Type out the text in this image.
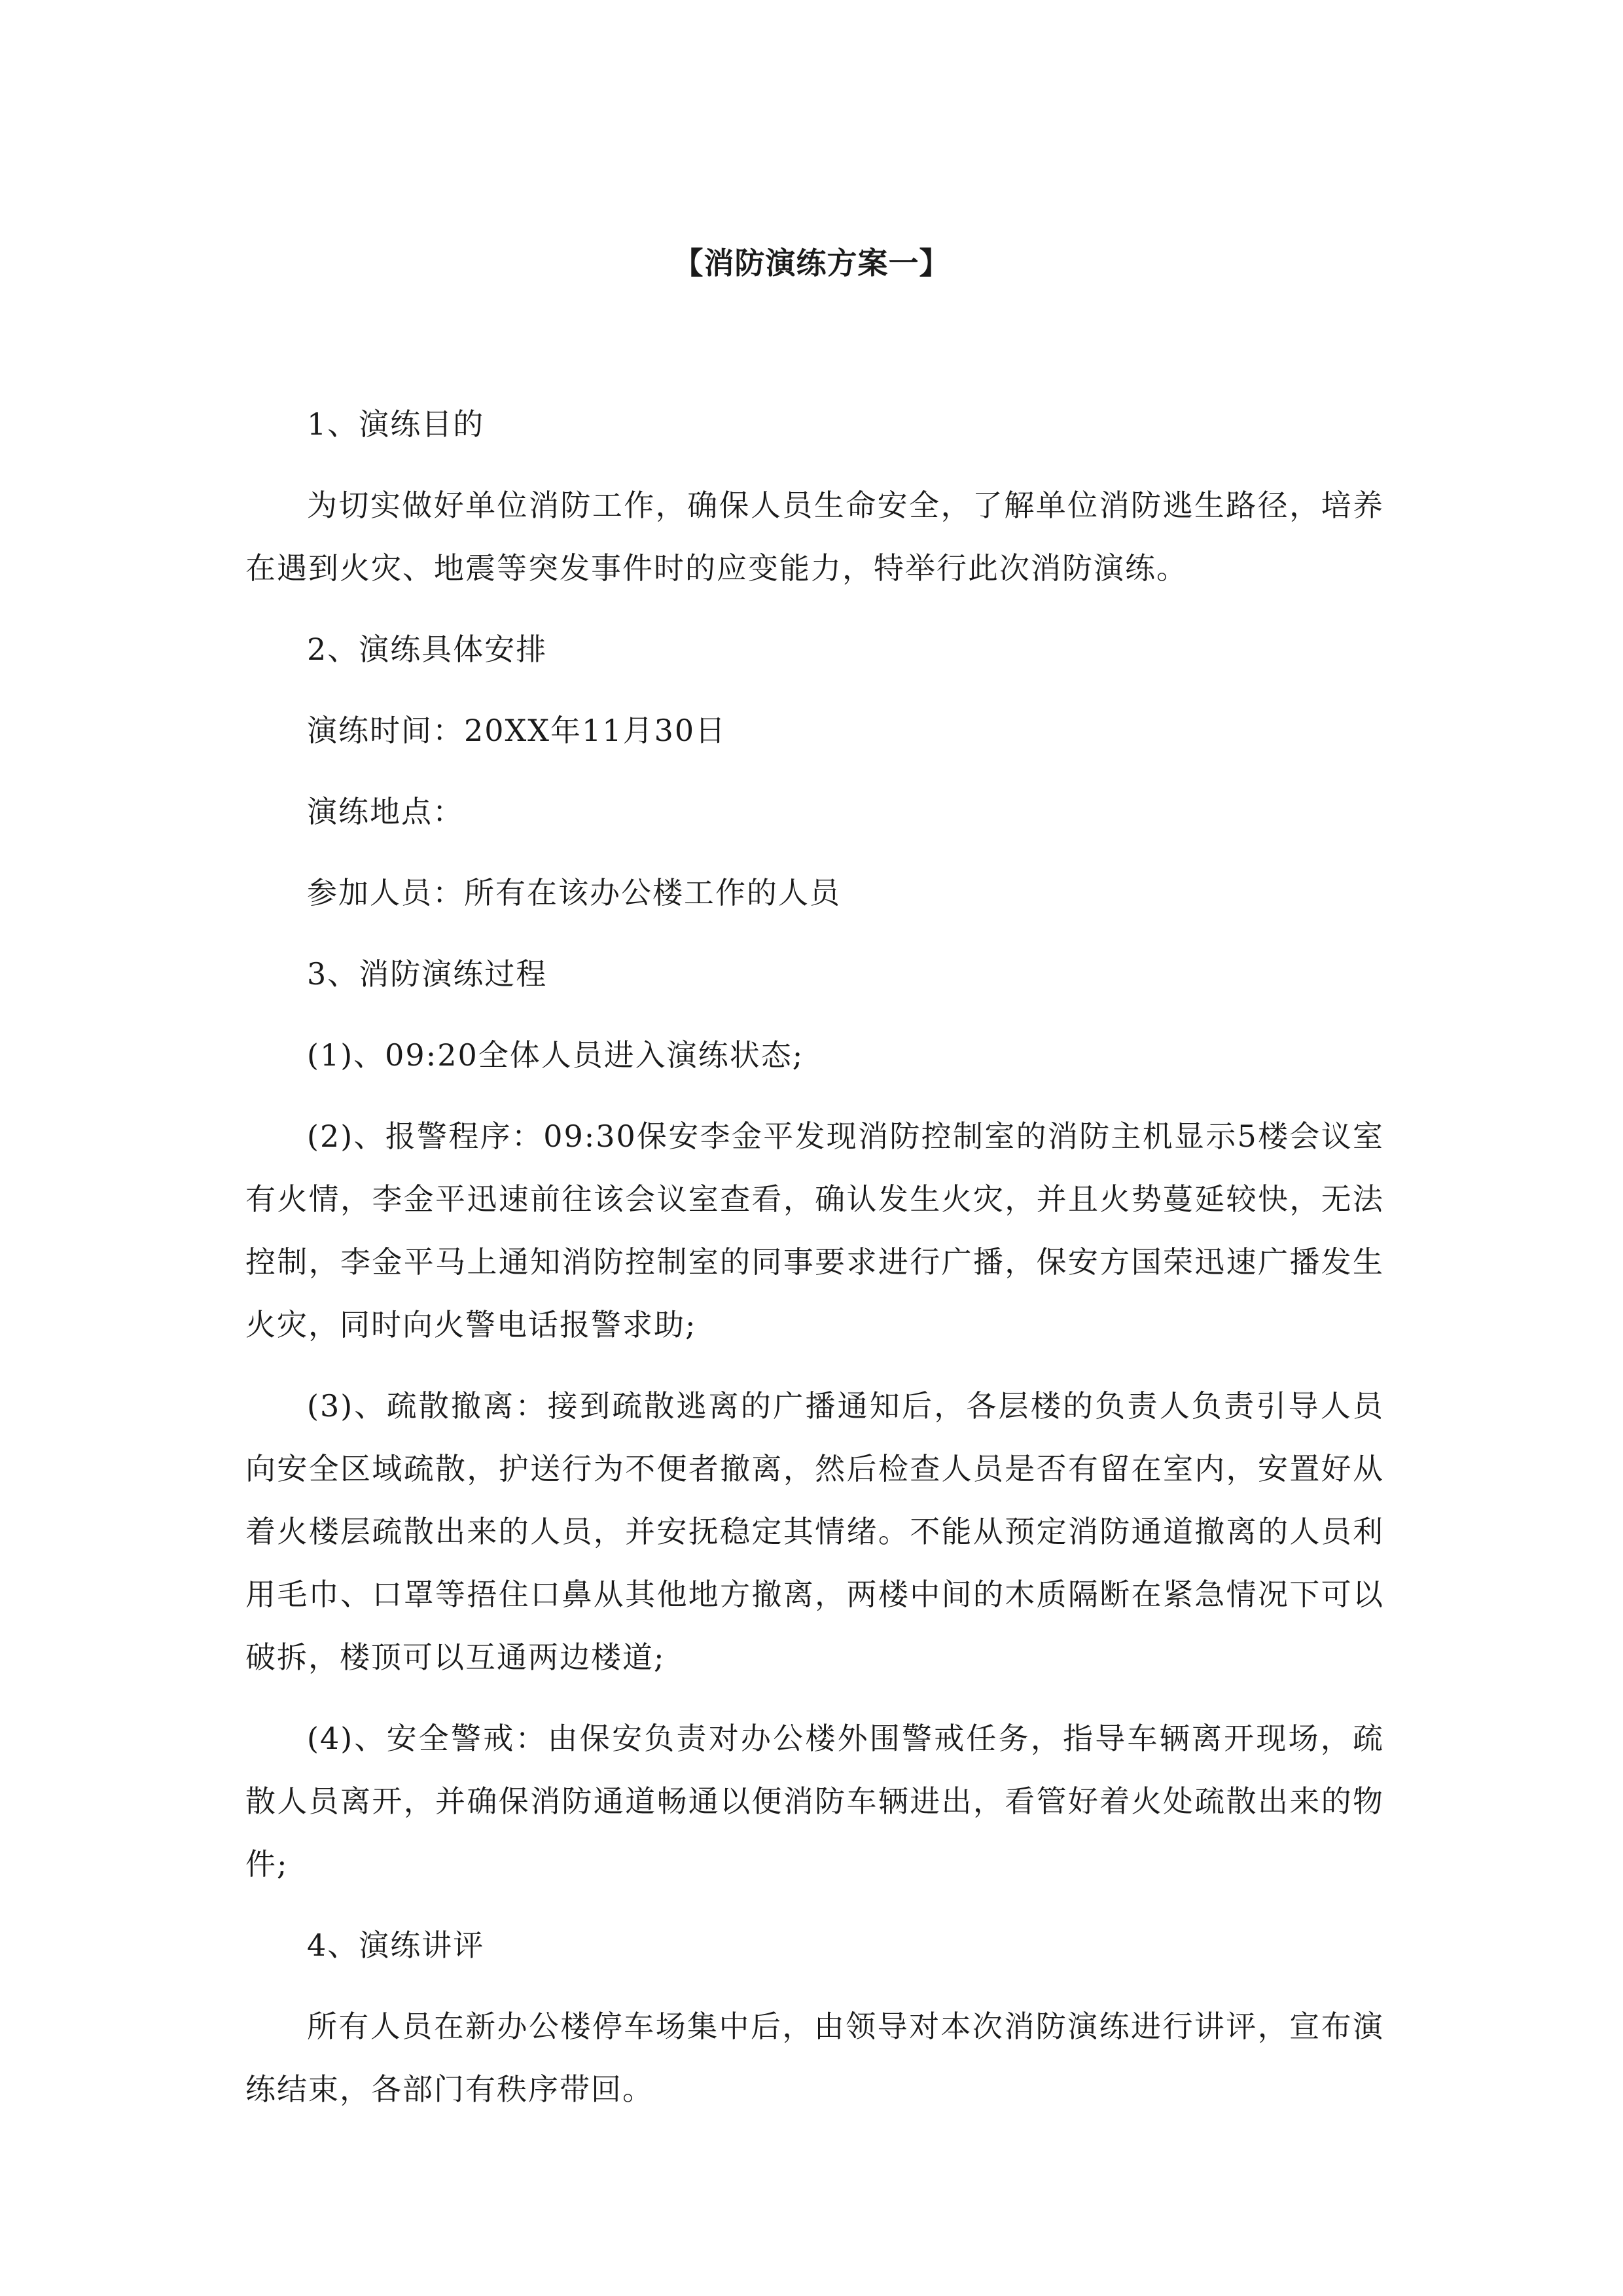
【消防演练方案一】

1、演练目的

为切实做好单位消防工作，确保人员生命安全，了解单位消防逃生路径，培养在遇到火灾、地震等突发事件时的应变能力，特举行此次消防演练。

2、演练具体安排

演练时间：20XX年11月30日

演练地点：

参加人员：所有在该办公楼工作的人员

3、消防演练过程

(1)、09:20全体人员进入演练状态;

(2)、报警程序：09:30保安李金平发现消防控制室的消防主机显示5楼会议室有火情，李金平迅速前往该会议室查看，确认发生火灾，并且火势蔓延较快，无法控制，李金平马上通知消防控制室的同事要求进行广播，保安方国荣迅速广播发生火灾，同时向火警电话报警求助;

(3)、疏散撤离：接到疏散逃离的广播通知后，各层楼的负责人负责引导人员向安全区域疏散，护送行为不便者撤离，然后检查人员是否有留在室内，安置好从着火楼层疏散出来的人员，并安抚稳定其情绪。不能从预定消防通道撤离的人员利用毛巾、口罩等捂住口鼻从其他地方撤离，两楼中间的木质隔断在紧急情况下可以破拆，楼顶可以互通两边楼道;

(4)、安全警戒：由保安负责对办公楼外围警戒任务，指导车辆离开现场，疏散人员离开，并确保消防通道畅通以便消防车辆进出，看管好着火处疏散出来的物件;

4、演练讲评

所有人员在新办公楼停车场集中后，由领导对本次消防演练进行讲评，宣布演练结束，各部门有秩序带回。
